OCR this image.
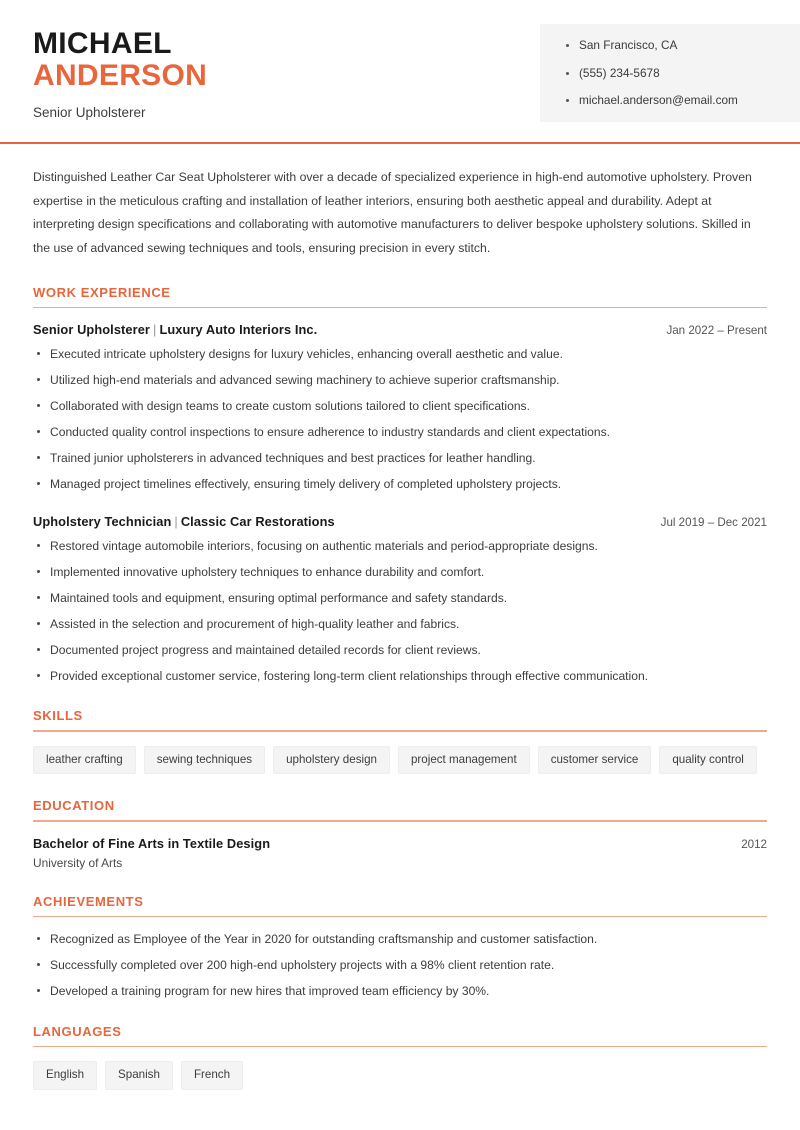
MICHAEL
ANDERSON
Senior Upholsterer
San Francisco, CA
(555) 234-5678
michael.anderson@email.com

Distinguished Leather Car Seat Upholsterer with over a decade of specialized experience in high-end automotive upholstery. Proven expertise in the meticulous crafting and installation of leather interiors, ensuring both aesthetic appeal and durability. Adept at interpreting design specifications and collaborating with automotive manufacturers to deliver bespoke upholstery solutions. Skilled in the use of advanced sewing techniques and tools, ensuring precision in every stitch.

WORK EXPERIENCE
Senior Upholsterer | Luxury Auto Interiors Inc.	Jan 2022 – Present
Executed intricate upholstery designs for luxury vehicles, enhancing overall aesthetic and value.
Utilized high-end materials and advanced sewing machinery to achieve superior craftsmanship.
Collaborated with design teams to create custom solutions tailored to client specifications.
Conducted quality control inspections to ensure adherence to industry standards and client expectations.
Trained junior upholsterers in advanced techniques and best practices for leather handling.
Managed project timelines effectively, ensuring timely delivery of completed upholstery projects.
Upholstery Technician | Classic Car Restorations	Jul 2019 – Dec 2021
Restored vintage automobile interiors, focusing on authentic materials and period-appropriate designs.
Implemented innovative upholstery techniques to enhance durability and comfort.
Maintained tools and equipment, ensuring optimal performance and safety standards.
Assisted in the selection and procurement of high-quality leather and fabrics.
Documented project progress and maintained detailed records for client reviews.
Provided exceptional customer service, fostering long-term client relationships through effective communication.
SKILLS
leather crafting	sewing techniques	upholstery design	project management	customer service	quality control
EDUCATION
Bachelor of Fine Arts in Textile Design	2012
University of Arts
ACHIEVEMENTS
Recognized as Employee of the Year in 2020 for outstanding craftsmanship and customer satisfaction.
Successfully completed over 200 high-end upholstery projects with a 98% client retention rate.
Developed a training program for new hires that improved team efficiency by 30%.
LANGUAGES
English	Spanish	French
